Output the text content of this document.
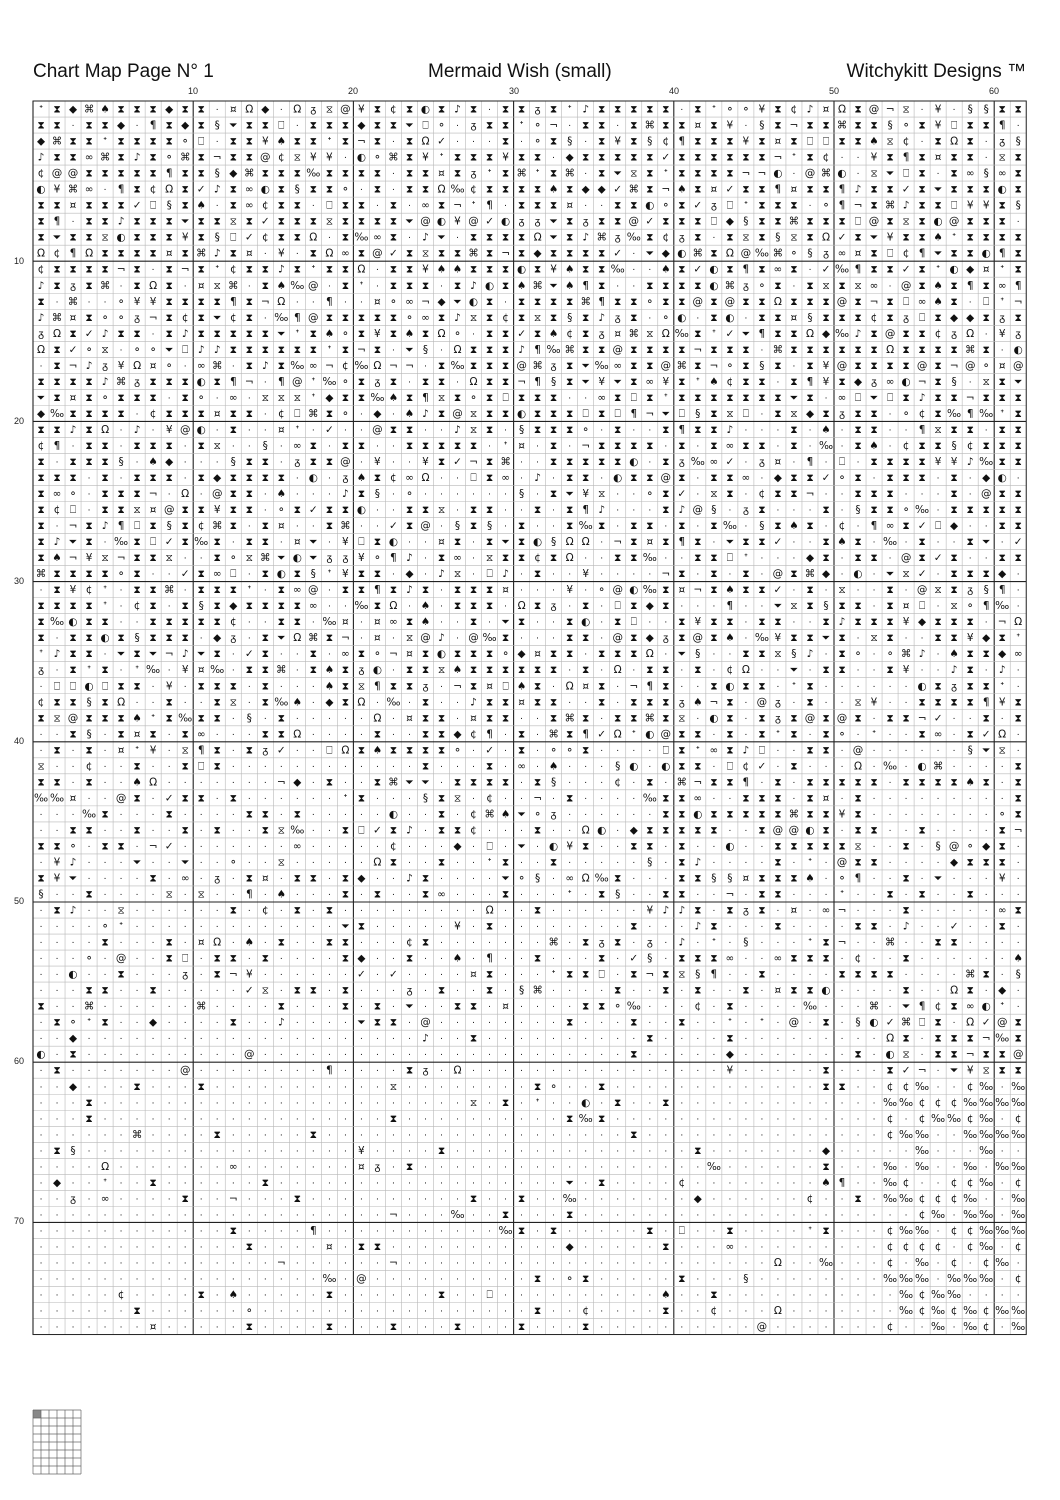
Chart Map Page N° 1	Mermaid Wish (small)	Witchykitt Designs ™
10	20	30	40	50	60
10
20
30
40
50
60
70
ᐩ ⧗ ◆ ⌘ ♠ ⧗ ⧗ ⧗ ◆ ⧗ ⧗ · ¤ Ω ◆ · Ω ᵹ ⧖ @ ¥ ⧗ ¢ ⧗ ◐ ⧗ ♪ ⧗ · ⧗ ⧗ ᵹ ⧗ ᐩ ♪ ⧗ ⧗ ⧗ ⧗ ⧗ · ⧗ ᐩ ⚬ ⚬ ¥ ⧗ ¢ ♪ ¤ Ω ⧗ @ ¬ ⧖ · ¥ · § § ⧗ ⧗
⧗ ⧗ · ⧗ ⧗ ◆ · ¶ ⧗ ◆ ⧗ § ⏷ ⧗ ⧗ ⎕ · ⧗ ⧗ ⧗ ◆ ⧗ ⧗ ⏷ ⎕ ⚬ · ᵹ ⧗ ⧗ ᐩ ⚬ ¬ · ⧗ ⧗ · ⧗ ⌘ ⧗ ⧗ ¤ ⧗ ¥ · § ⧗ ¬ ⧗ ⧗ ⌘ ⧗ ⧗ § ⚬ ⧗ ¥ ⎕ ⧗ ⧗ ¶ ·
◆ ⌘ ⧗ ⧗ ᐩ ⧗ ⧗ ⧗ ⧗ ⚬ ⎕ · ⧗ ⧗ ¥ ♠ ⧗ ⧗ ᐩ ⧗ ¬ ⧗ · ⧗ Ω ✓ · · · ⧗ · ⚬ ⧗ § · ⧗ ¥ ⧗ § ¢ ¶ ⧗ ⧗ ⧗ ¥ ⧗ ¤ ⧗ ⎕ ⎕ ⧗ ⧗ ♠ ⧖ ¢ · ⧗ Ω ⧗ · ᵹ §
♪ ⧗ ⧗ ∞ ⌘ ⧗ ♪ ⧗ ⚬ ⌘ ⧗ ¬ ⧗ ⧗ @ ¢ ⧖ ¥ ¥ · ◐ ⚬ ⌘ ⧗ ¥ ᐩ ⧗ ⧗ ⧗ ¥ ⧗ ⧗ · ◆ ⧗ ⧗ ⧗ ⧗ ⧗ ✓ ⧗ ⧗ ⧗ ⧗ ⧗ ⧗ ¬ ᐩ ⧗ ¢ · · ¥ ⧗ ¶ ⧗ ¤ ⧗ ⧗ · ⧖ ⧗
¢ @ @ ⧗ ⧗ ⧗ ⧗ ⧗ ¶ ⧗ ⧗ § ◆ ⌘ ⧗ ⧗ ⧗ ‰ ⧗ ⧗ ⧗ ⧗ · ⧗ ⧗ ¤ ⧗ ᵹ ᐩ ⧗ ⌘ ᐩ ⧗ ⌘ · ⧗ ⏷ ⧖ ⧗ ᐩ ⧗ ⧗ ⧗ ⧗ ¬ ¬ ◐ · @ ⌘ ◐ · ⧖ ⏷ ⎕ ⧗ · ⧗ ∞ § ∞ ⧗
◐ ¥ ⌘ ∞ · ¶ ⧗ ¢ Ω ⧗ ✓ ♪ ⧗ ∞ ◐ ⧗ § ⧗ ⧗ ⚬ · ⧗ · ⧗ ⧗ Ω ‰ ¢ ⧗ ⧗ ⧗ ⧗ ♠ ⧗ ◆ ◆ ✓ ⌘ ⧗ ¬ ♠ ⧗ ¤ ✓ ⧗ ⧗ ¶ ¤ ⧗ ⧗ ¶ ♪ ⧗ ⧗ ✓ ⧗ ⏷ ⧗ ⧗ ⧗ ◐ ⧗
⧗ ⧗ ¤ ⧗ ⧗ ⧗ ✓ ⎕ § ⧗ ♠ · ⧗ ∞ ¢ ⧗ ⧗ · ⎕ ⧗ ⧗ · ⧗ · ∞ ⧗ ¬ ᐩ ¶ · ⧗ ⧗ ⧗ ¤ · · ⧗ ⧗ ◐ ⚬ ⧗ ✓ ᵹ ⎕ ᐩ ⧗ ⧗ ⧗ · ⚬ ¶ ¬ ⧗ ⌘ ♪ ⧗ ⧗ ⎕ ¥ ¥ ⧗ §
⧗ ¶ · ⧗ ⧗ ♪ ⧗ ⧗ ⧗ ⏷ ⧗ ⧗ ⧖ ⧗ ✓ ⧗ ⧗ ⧗ ⧖ ⧗ ⧗ ⧗ ⧗ ⏷ @ ◐ ¥ @ ✓ ◐ ᵹ ᵹ ⏷ ⧗ ᵹ ⧗ ⧗ @ ✓ ⧗ ⧗ ⧗ ⎕ ◆ § ⧗ ⧗ ⌘ ⧗ ⧗ ⧗ ⎕ @ ⧗ ⧖ ⧗ ◐ @ ⧗ ⧗ ⧗ ·
⧗ ⏷ ⧗ ⧗ ⧖ ◐ ⧗ ⧗ ⧗ ¥ ⧗ § ⎕ ✓ ¢ ⧗ ⧗ Ω · ⧗ ‰ ∞ ⧗ · ♪ ⏷ · ⧗ ⧗ ⧗ ⧗ Ω ⏷ ⧗ ♪ ⌘ ᵹ ‰ ⧗ ¢ ᵹ ⧗ · ⧗ ⧖ ⧗ § ⧖ ⧗ Ω ✓ ⧗ ⏷ ¥ ⧗ ⧗ ♠ ᐩ ⧗ ⧗ ⧗ ⧗
Ω ¢ ¶ Ω ⧗ ⧗ ⧗ ⧗ ¤ ⧗ ⌘ ♪ ⧗ ¤ · ¥ · ⧗ Ω ∞ ⧗ @ ✓ ⧗ ⧖ ⧗ ⧗ ⌘ ⧗ ¬ ⧗ ◆ ⧗ ⧗ ⧗ ⧗ ✓ · ⏷ ◆ ◐ ⌘ ⧗ Ω @ ‰ ⌘ ⚬ § ᵹ ∞ ¤ ⧗ ⎕ ¢ ¶ ⏷ ⧗ ⧗ ◐ ¶ ⧗
¢ ⧗ ⧗ ⧗ ⧗ ¬ ⧗ · ⧗ ¬ ⧗ ᐩ ¢ ⧗ ⧗ ♪ ⧗ ᐩ ⧗ ⧗ Ω · ⧗ ⧗ ¥ ♠ ♠ ⧗ ⧗ ⧗ ◐ ⧗ ¥ ♠ ⧗ ⧗ ‰ · · ♠ ⧗ ✓ ◐ ⧗ ¶ ⧗ ∞ ⧗ · ✓ ‰ ¶ ⧗ ⧗ ✓ ⧗ ᐩ ◐ ◆ ¤ ᐩ ⧗
♪ ⧗ ᵹ ⧗ ⌘ · ⧗ Ω ⧗ · ¤ ⧖ ⌘ · ⧗ ♠ ‰ @ · ⧗ ᐩ · ⧗ ⧗ ⧗ · ⧗ ♪ ◐ ⧗ ♠ ⌘ ⏷ ♠ ¶ ⧗ · · ⧗ ⧗ ⧗ ⧗ ◐ ⌘ ᵹ ⚬ ⧗ · ⧗ ⧖ ⧗ ⧖ ∞ · @ ⧗ ♠ ⧗ ¶ ⧗ ∞ ¶
⧗ · ⌘ · · ⚬ ¥ ¥ ⧗ ⧗ ⧗ ⧗ ¶ ⧗ ¬ Ω · · ¶ · · ¤ ⚬ ∞ ¬ ◆ ⏷ ◐ ⧗ · ⧗ ⧗ ⧗ ⧗ ⌘ ¶ ⧗ ⧗ ⚬ ⧗ ⧗ @ ⧗ @ ⧗ ⧗ Ω ⧗ ⧗ ⧗ @ ⧗ ¬ ⧗ ⎕ ∞ ♠ ⧗ · ⎕ ᐩ ¬
♪ ⌘ ¤ ⧗ ⚬ ⚬ ᵹ ¬ ⧗ ¢ ⧗ ⏷ ¢ ⧗ · ‰ ¶ @ ⧗ ⧗ ⧗ ⧗ ⧗ ⚬ ∞ ⧗ ♪ ⧖ ⧗ ¢ ⧗ ⧖ ⧗ § ⧗ ♪ ᵹ ⧗ · ⚬ ◐ · ⧗ ◐ · ⧗ ⧗ ¤ § ⧗ ⧗ ⧗ ¢ ⧗ ᵹ ⎕ ⧗ ◆ ◆ ⧗ ᵹ ⧗
ᵹ Ω ⧗ ✓ ♪ ⧗ ⧗ · ⧗ ♪ ⧗ ⧗ ⧗ ⧗ ⧗ ⏷ ᐩ ⧗ ♠ ⚬ ⧗ ¥ ⧗ ♠ ⧗ Ω ⚬ · ⧗ ⧗ ✓ ⧗ ♠ ¢ ⧗ ᵹ ¤ ⌘ ⧖ Ω ‰ ⧗ ᐩ ✓ ⏷ ¶ ⧗ ⧗ Ω ◆ ‰ ♪ ⧗ @ ⧗ ⧗ ¢ ᵹ Ω · ¥ ᵹ
Ω ⧗ ✓ ⚬ ⧖ · ⚬ ⚬ ⏷ ⎕ ♪ ♪ ⧗ ⧗ ⧗ ⧗ ⧗ ⧗ ᐩ ⧗ ¬ ⧗ · ⏷ § · Ω ⧗ ⧗ ⧗ ♪ ¶ ‰ ⌘ ⧗ ⧗ @ ⧗ ⧗ ⧗ ⧗ ¬ ⧗ ⧗ ⧗ · ⌘ ⧗ ⧗ ⧗ ⧗ ⧗ ⧗ Ω ⧗ ⧗ ⧗ ⧗ ⌘ ⧗ · ◐
· ⧗ ¬ ♪ ᵹ ¥ Ω ¤ ⚬ · ∞ ⌘ · ⧗ ♪ ⧗ ‰ ∞ ¬ ¢ ‰ Ω ¬ ¬ · ⧗ ‰ ⧗ ⧗ ⧗ @ ⌘ ᵹ ⧗ ⏷ ‰ ∞ ⧗ ⧗ @ ⌘ ⧗ ¬ ⚬ ⧗ § ⧗ · ⧗ ¥ @ ⧗ ⧗ ⧗ ⧗ @ ⧗ ¬ @ ⚬ ¤ @
⧗ ⧗ ⧗ ⧗ ♪ ⌘ ᵹ ⧗ ⧗ ⧗ ◐ ⧗ ¶ ¬ · ¶ @ ᐩ ‰ ⚬ ⧗ ᵹ ⧗ · ⧗ ⧗ · Ω ⧗ ⧗ ¬ ¶ § ⧗ ⏷ ¥ ⏷ ⧗ ∞ ¥ ⧗ ᐩ ♠ ¢ ⧗ ⧗ · ⧗ ¶ ¥ ⧗ ◆ ᵹ ∞ ◐ ¬ ⧗ § · ⧖ ⧗ ⏷
⏷ ⧗ ¤ ⧗ ⚬ ⧗ ⧗ ⧗ · ⧗ ⚬ · ∞ · ⧖ ⧖ ⧖ ᐩ ◆ ⧗ ⧗ ‰ ♠ ⧗ ¶ ⧖ ⧗ ⚬ ⧗ ⎕ ⧗ ⧗ ⧗ · · ∞ ⧗ ⎕ ⧗ ᐩ ⧗ ⧗ ⧗ ⧗ ⧗ ⧗ ⧗ ⏷ ⧗ · ∞ ⎕ ⏷ ⎕ ⧗ ♪ ⧗ ⧗ ¬ ⧗ ⧗ ⧗
◆ ‰ ⧗ ⧗ ⧗ ⧗ · ¢ ⧗ ⧗ ⧗ ¤ ⧗ ⧗ · ¢ ⎕ ⌘ ⧗ ⚬ · ◆ · ♠ ♪ ⧗ @ ⧖ ⧗ ⧗ ◐ ⧗ ⧗ ⧗ ⎕ ⧗ ⎕ ¶ ¬ ⏷ ⎕ § ⧗ ⧖ ⎕ · ⧗ ⧖ ◆ ⧗ ᵹ ⧗ ⧗ · ⚬ ¢ ⧗ ‰ ¶ ‰ ᐩ ⧗
⧗ ⧗ ♪ ⧗ Ω · ♪ · ¥ @ ◐ · ⧗ · · ¤ ᐩ · ✓ · · @ ⧗ ⧗ · · ♪ ⧖ ⧗ · § ⧗ ⧗ ⧗ ⚬ · ⧗ · · ⧗ ¶ ⧗ ⧗ ♪ · · · ⧗ · ♠ · ⧗ ⧗ · · ¶ ⧖ ⧗ ⧗ · ⧗ ⧗
¢ ¶ · ⧗ ⧗ · ⧗ ⧗ ⧗ · ⧗ ⧖ · · § · ∞ ⧗ · ⧗ ⧗ · · ⧗ ⧗ ⧗ ⧗ ⧗ · ᐩ ¤ · ⧗ · ¬ ⧗ ⧗ ⧗ ⧗ · ⧗ · ⧗ ∞ ⧗ ⧗ · ⧗ · ‰ · ⧗ ♠ · ¢ ⧗ ⧗ § ¢ ⧗ ⧗ ⧗
⧗ · ⧗ ⧗ ⧗ § · ♠ ◆ · · · § ⧗ ⧗ · ᵹ ⧗ ⧗ @ · ¥ · · ¥ ⧗ ✓ ¬ ⧗ ⌘ · · ⧗ ⧗ ⧗ ⧗ ⧗ ◐ · ⧗ ᵹ ‰ ∞ ✓ · ᵹ ¤ · ¶ · ⎕ · ⧗ ⧗ ⧗ ⧗ ¥ ¥ ♪ ‰ ⧗ ⧗
⧗ ⧗ ⧗ · ⧗ · ⧗ ⧗ ⧗ · ⧗ ◆ ⧗ ⧗ ⧗ ⧗ · ◐ · ᵹ ♠ ⧗ ¢ ∞ Ω · · ⎕ ⧗ ∞ · ♪ · ⧗ ⧗ · ◐ ⧗ ⧗ @ ⧗ · ⧗ ⧗ ∞ · ◆ ⧗ ⧗ ✓ ⚬ ⧗ · ⧗ ⧗ ⧗ · ⧗ · ◆ ◐ ·
⧗ ∞ ⚬ · ⧗ ⧗ ⧗ ¬ · Ω · @ ⧗ ⧗ · ♠ · · · ♪ ⧗ § · ⚬ · · · · · · § · ⧗ ⏷ ¥ ⧖ · · ⚬ ⧗ ✓ · ⧖ ⧗ · ¢ ⧗ ⧗ ¬ · · ⧗ ⧗ ⧗ · · · ⧗ · @ ⧗ ⧗
⧗ ¢ ⎕ · ⧗ ⧗ ⧖ ¤ @ ⧗ ⧗ ¥ ⧗ ⧗ · ⚬ ⧗ ✓ ⧗ ⧗ ◐ · · ⧗ ⧗ ⧖ · ⧗ ⧗ · · ⧗ · ⧗ ¶ ♪ · · · ⧗ ♪ @ § · ᵹ ⧗ · · · ⧗ · § ⧗ ⧗ ⚬ ‰ · ⧗ ⧗ ⧗ ⧗ ⧗
⧗ · ¬ ⧗ ♪ ¶ ⎕ ⧗ § ⧗ ¢ ⌘ ⧗ · ⧗ ¤ · · ⧗ ⌘ · · ✓ ⧗ @ · § ⧗ § · ⧗ · · ⧗ ‰ ⧗ · ⧗ ⧗ · ⧗ · ⧗ ‰ · § ⧗ ♠ ⧗ · ¢ · ¶ ∞ ⧗ ✓ ⎕ ◆ · · ⧗ ⧗
⧗ ♪ ⏷ ⧗ · ‰ ⧗ ⎕ ✓ ⧗ ‰ ⧗ · ⧗ ⧗ · ¤ ⏷ · ¥ ⎕ ⧗ ◐ · · ¤ ⧗ · ⧗ ⏷ ⧗ ◐ § Ω Ω · ¬ ⧗ ¤ ⧗ ¶ ⧗ · ⏷ ⧗ ⧗ ✓ · · ⧗ ♠ ⧗ · ‰ · ⧗ · · ⧗ ⏷ · ✓
⧗ ♠ ¬ ¥ ⧖ ¬ ⧗ ⧗ ⧖ · · ⧗ ⚬ ⧖ ⌘ ⏷ ◐ ⏷ ᵹ ᵹ ¥ ⚬ ¶ ♪ · ⧗ ∞ · ⧖ ⧗ ⧗ ¢ ⧗ Ω · · ⧗ ⧗ ‰ · · ⧗ ⧗ ⎕ ᐩ · · · ◆ ⧗ · ⧗ ⧗ · @ ⧗ ✓ ⧗ · · ⧗ ⧗
⌘ ⧗ ⧗ ⧗ ⧗ ⚬ ⧗ · · ✓ ⧗ ∞ ⎕ · ⧗ ◐ ⧗ § ᐩ ¥ ⧗ ⧗ · ◆ · ♪ ⧖ · ⎕ ♪ · ⧗ · · ¥ · · · · ¬ ⧗ · ⧗ · ⧗ · @ ⧗ ⌘ ◆ · ◐ · ⏷ ⧖ ✓ · ⧗ ⧗ ⧗ ◆ ·
· ⧗ ¥ ¢ ᐩ · ⧗ ⧗ ⌘ · ⧗ ⧗ ⧗ ᐩ · ⧗ ∞ @ · ⧗ ⧗ ¶ ⧗ ♪ ⧗ · ⧗ ⧗ ⧗ ¤ · · · ¥ · ⚬ @ ◐ ‰ ⧗ ¤ ¬ ⧗ ♠ ⧗ ⧗ ✓ · ⧗ · ⧖ · · ⧗ · @ ⧖ ⧗ ᵹ § ¶ ·
⧗ ⧗ ⧗ ⧗ ᐩ · ¢ ⧗ · ⧗ § ⧗ ◆ ⧗ ⧗ ⧗ ⧗ ∞ · · ‰ ⧗ Ω · ♠ · ⧗ ⧗ ⧗ · Ω ⧗ ᵹ · ⧗ · ⎕ ⧗ ◆ ⧗ · · · ¶ · · ⏷ ⧖ ⧗ § ⧗ ⧗ · ⧗ ¤ ⎕ · ⧖ ⚬ ¶ ‰ ·
⧗ ‰ ◐ ⧗ ⧗ · · ⧗ ⧗ ⧗ ⧗ ⧗ ¢ · · ⧗ ⧗ · ‰ ¤ · ¤ ∞ ⧗ ♠ · · ⧗ · ⏷ ⧗ · · ⧗ ◐ · ⧗ ⎕ · · ⧗ ¥ ⧗ ⧗ · ⧗ ⧗ · · ⧗ ♪ ⧗ ⧗ ⧗ ¥ ◆ ⧗ ⧗ ⧗ · ¬ Ω
⧗ · ⧗ ⧗ ◐ ⧗ § ⧗ ⧗ ⧗ · ◆ ᵹ · ⧗ ⏷ Ω ⌘ ⧗ ¬ · ¤ · ⧖ @ ♪ · @ ‰ ⧗ · · · ⧗ ⧗ · @ ⧗ ◆ ᵹ ⧗ @ ⧗ ♠ · ‰ ¥ ⧗ ⧗ ⏷ ⧗ · ⧖ ⧗ · · ⧗ ⧗ ¥ ◆ ⧗ ᐩ
ᐩ ♪ ⧗ ⧗ · ⏷ ⧗ ⏷ ¬ ♪ ⏷ ⧗ · ✓ ⧗ · · ⧗ · ∞ ⧗ ⚬ ¬ ¤ ⧗ ◐ ⧗ ⧗ ⧗ ⚬ ◆ ¤ ⧗ ⧗ · ⧗ ⧗ ⧗ Ω · ⏷ § · · ⧗ ⧗ ⧖ § ♪ · ⧗ ⚬ · ⚬ ⌘ ♪ · ♠ ⧗ ⧗ ◆ ∞
ᵹ · ⧗ ᐩ ⧗ · ᐩ ‰ · ¥ ¤ ‰ · ⧗ ⧗ ⌘ · ⧗ ♠ ⧗ ᵹ ◐ · ⧗ ⧗ ⧖ ♠ ⧗ ⧗ ⧗ ⧗ ⧗ ⧗ · ⧗ · Ω · ⧗ ⧗ · ⧗ · ¢ Ω · · ⏷ · ⧗ ⧗ · · ⧗ ¥ · · ♪ ⧗ · ♪ ·
· ⎕ ⎕ ◐ ⎕ ⧗ ⧗ · ¥ · ⧗ ⧗ ⧗ · ⧗ · · · ♠ ⧗ ⧖ ¶ ⧗ ⧗ ᵹ · ¬ ⧗ ¤ ⎕ ♠ ⧗ · Ω ¤ ⧗ · ¬ ¶ ⧗ · · ⧗ ◐ ⧗ ⧗ · ᐩ ⧗ · · · · · · ◐ ⧗ ᵹ ⧗ ⧗ ᐩ ·
¢ ⧗ ⧗ § ⧗ Ω · · ⧗ · · ⧗ ⧖ · ⧗ ‰ ♠ · ◆ ⧗ Ω · ‰ · ⧗ · · ♪ ⧗ ⧗ ¤ ⧗ ⧗ · · ⧗ · ⧗ ⧗ ⧗ ᵹ ♠ ¬ ⧗ · @ ᵹ · ⧗ · · ⧖ ¥ · · ⧗ ⧗ ⧗ ⧗ ¶ ¥ ⧗
⧗ ⧖ @ ⧗ ⧗ ⧗ ♠ ᐩ ⧗ ‰ ⧗ ⧗ · § · ⧗ · · · · · Ω · ¤ ⧗ ⧗ · ¤ ⧗ ⧗ · · ⧗ ⌘ ⧗ · ⧗ ⧗ ⌘ ⧗ ⧖ · ◐ ⧗ · ⧗ ᵹ ⧗ @ ⧗ @ ⧗ · ⧗ ⧗ ¬ ✓ · · ⧗ · ⧗
· · ⧗ § · ⧗ ¤ ⧗ · ⧗ ∞ · · · ⧗ ⧗ Ω · · · · ⧗ · · ⧗ ⧗ ◆ ¢ ¶ · ⧗ · ⌘ ⧗ ¶ ✓ Ω ᐩ ◐ @ ⧗ ⧗ · ⧗ · ⧗ ᐩ ⧗ · ⧗ ⚬ · ᐩ · · ⧗ ∞ · ⧗ ✓ Ω ·
· ⧗ · ⧗ · ¤ ᐩ ¥ · ⧖ ¶ ⧗ · ⧗ ᵹ ✓ · · ⎕ Ω ⧗ ♠ ⧗ ⧗ ⧗ ⧗ ⚬ · ✓ · ⧗ · ⚬ ⚬ ⧗ · · · · ⎕ ⧗ ᐩ ∞ ⧗ ♪ ⎕ · · ⧗ ⧗ · @ · · · · · · § ⏷ ⧖ ·
⧖ · · ¢ · · ⧗ · · ⧗ ⎕ ⧗ · · · · · · · · · · · · ⧗ · · · ⧗ · ∞ · ♠ · · · § ◐ · ◐ ⧗ ⧗ · ⎕ ¢ ✓ · ⧗ · · · Ω · ‰ · ◐ ⌘ · · · · ⧗
⧗ ⧗ · ⧗ · · ♠ Ω · · · · · · · ¬ ◆ · ⧗ · · ⧗ ⌘ ⏷ ⏷ · ⧗ ⧗ ⧗ ⧗ · ⧗ § · · · ¢ · ⧗ · ⌘ ¬ ⧗ ⧗ ¶ · ⧗ · ⧗ ⧗ ⧗ ⧗ ⧗ · ⧗ ⧗ ⧗ ⧗ ♠ ⧗ · ⧗
‰ ‰ ¤ · · @ ⧗ · ✓ ⧗ ⧗ · ⧗ · · · · · · ᐩ ⧗ · · · § ⧗ ⧖ · ¢ · · ¬ · ⧗ · · · · ‰ ⧗ ⧗ ∞ · · ⧗ ⧗ ⧗ · ⧗ ¤ · ⧗ · · · · · · · · · ⧗
· · · ‰ ⧗ · · · ⧗ · · · · ⧗ ⧗ · ⧗ · · · · · ◐ · · ⧗ · ¢ ⌘ ♠ ⏷ ⚬ ᵹ · · · · · · ⧗ ⧗ ◐ ⧗ ⧗ ⧗ ⧗ ⧗ ⌘ ⧗ ⧗ ¥ ⧗ · · · · · · · · ⚬ ⧗
· · ⧗ ⧗ · · ⧗ · · ⧗ · ⧗ · · ⧗ ⧖ ‰ · · ⧗ ⎕ ✓ ⧗ ♪ · ⧗ ⧗ ¢ · · · ⧗ · · Ω ◐ · ◆ ⧗ ⧗ ⧗ ⧗ ⧗ · · ⧗ @ @ ◐ ⧗ · ⧗ ⧗ · · ⧗ · · · · ⧗ ¬
⧗ ⧗ ⚬ · ⧗ ⧗ · ¬ ✓ · · · · · · · ∞ · · · · · ¢ · · · ◆ · ⎕ · ⏷ · ◐ ¥ ⧗ · · ⧗ ⧗ · ⧗ · · ◐ · · ⧗ ⧗ ⧗ ⧗ ⧗ ⧖ · · ⧗ · § @ ⚬ ◆ ⧗ ·
· ¥ ♪ · · · ⏷ · · ⏷ · · ⚬ · · ⧖ · · · · · Ω ⧗ · · ⧗ · · ᐩ ⧗ · · ⧗ · · · · · § · ⧗ ♪ · · · · ⧗ · ᐩ · @ ⧗ ⧗ · · · · ◆ ⧗ ⧗ ⧗ ·
⧗ ¥ ⏷ · · · · ⧗ · ∞ · ᵹ · ⧗ ¤ · ⧗ ⧗ · ⧗ ◆ · · ♪ ⧗ · · · · ⏷ ⚬ § · ∞ Ω ‰ ⧗ · · · ⧗ ⧗ § § ¤ ⧗ ⧗ ⧗ ♠ · ⚬ ¶ · · ⧗ · ⏷ · · · ¥ ·
§ · · ⧗ · · · · ⧖ · ⧖ · · ¶ · ♠ · · · ⧗ · ⧗ · · ⧗ ∞ · · · ⧗ · · · ᐩ · ⧗ § · · ⧗ ⧗ · · ¬ · ⧗ ⧗ · · · ᐩ · · ⧗ · ⧗ · · ⧗ · · ·
· ⧗ ♪ · · ⧖ · · · · · · ⧗ · ¢ · ⧗ · ⧗ · · · · · · · · · Ω · · ⧗ · · · · · · ¥ ♪ ♪ ⧗ · ⧗ ᵹ ⧗ · ¤ · ∞ ¬ · · · ⧗ · · · · · ∞ ⧗
· · · · ⚬ ᐩ · · · · · · · · · · · · · ⏷ ⧗ · · · · · ¥ · ⧗ · · · · · · · · ⧗ · · · ♪ ⧗ · · · ⧗ · · · · ⧗ ⧗ · ♪ · · ✓ · · ⧗ ·
· · · · ⧗ · · · ⧗ · ¤ Ω · ♠ · ⧗ · · ⧗ ⧗ · · · ¢ ⧗ · · · · · · · ⌘ · ⧗ ᵹ ⧗ · ᵹ · ♪ · ᐩ · § · · · ᐩ ⧗ ¬ · · ⌘ · · ⧗ ⧗ · · · ·
· · · ⚬ · @ · · ⧗ ⎕ · ⧗ ⧗ · ⧗ · · · · ⧗ ◆ · · ⧗ · · ♠ · ¶ · · ⧗ · · · ⧗ · ✓ § · ⧗ ⧗ ⧗ ∞ · · ∞ ⧗ ⧗ ⧗ · ¢ · · ⧗ · · · · · · ♠
· · ◐ · · ⧗ · · · ᵹ · ⧗ ¬ ¥ · · · · · · ✓ · ✓ · · · · ¤ ⧗ · · · ᐩ ⧗ ⧗ ⎕ · ⧗ ¬ ⧗ ⧖ § ¶ · · ⧗ · · · · ⧗ ⧗ ⧗ ⧗ · · · · ⌘ ⧗ · §
· · · ⧗ ⧗ · · ⧗ · · · · · ✓ ⧖ · ⧗ ⧗ · ⧗ · · · ᵹ · ⧗ · · ⧗ · § ⌘ · · · · ⧗ · · ⧗ · ⧗ · · ⧗ · ¤ ⧗ ⧗ ◐ · · · · ⧗ · · Ω ⧗ · ◆ ·
⧗ · · ⌘ · · · · · · ⌘ · · · · ⧗ · · · ⧗ · ⧗ · ⏷ · · ⧗ ⧗ · ¤ · · · · ⧗ ⧗ ⚬ ‰ · · · ¢ · ⧗ · · · · ‰ · · · ⌘ · ⏷ ¶ ¢ ⧗ ∞ ◐ ᐩ ·
· ⧗ ⚬ ᐩ ⧗ · · ◆ · · · · ⧗ · · ♪ · · · · ⏷ ⧗ ⧗ · @ · · · · · · · · ⧗ · · · ⧗ · · ⧗ · · ᐩ · ᐩ · @ · ⧗ · § ◐ ✓ ⌘ ⎕ ⧗ · Ω ✓ @ ⧗
· · ◆ · · · · · · · · · · · · · · · · · · · · · ♪ · · ⧗ · · · · · · · · · · ⧗ · · · · ⧗ · · · · · · · · · Ω ⧗ · ⧗ ⧗ ⧗ ¬ ‰ ⧗
◐ · ⧗ · · · · · · · · · · @ · · · · · · · · · · · · · · · · · · · · · · · ⧗ · · · · · ◆ · · · · · · · ⧗ · ◐ ⧖ · ⧗ ⧗ ¬ ⧗ ⧗ @
· ⧗ · · · · · · · @ · · · · · · · · ¶ · · · · ⧗ ᵹ · Ω · · · · · · · · · · · · · · · · ¥ · · · · · ⧗ · · · ⧗ ✓ ¬ · ⏷ ¥ ⧖ ⧗ ⧗
· · ◆ · · · ⧗ · · · ⧗ · · · · · · · · · · · ⧖ · · · · · · · · ⧗ ⚬ · · ⧗ · · · · · · · · · · · · · ⧗ ⧗ · · ¢ ¢ ‰ · · ¢ ‰ · ‰
· · · ⧗ · · · · · · · · · · · · · · · · · · · · · · · ⧖ · ⧗ · ᐩ · · ◐ · ⧗ · · ⧗ · · · · · · · · · · · · · ‰ ‰ ¢ ¢ ¢ ‰ ‰ ‰ ‰
· · · ⧗ · · · · · · · · · · · · · · · · · · ⧗ · · · · · · · · · · ⧗ ‰ ⧗ · · · · · · · · · · · · · · · · · ¢ · ¢ ‰ ‰ ¢ ‰ · ¢
· · · · · · ⌘ · · · · ⧗ · · · · · ⧗ · · · · · · · · · · · · · · · · · · · ⧗ · · · · · · · · · · · · · · · ¢ ‰ ‰ · · ‰ ‰ ‰ ‰
· ⧗ § · · · · · · · · · · · · · · · · · ¥ · · · · ⧗ · · · · · · · · · · · · · · · ⧗ · · · · · · · ◆ · · · · · ‰ · · · ‰ · ·
· · · · Ω · · · · · · · ∞ · · · · · · · ¤ ᵹ · ⧗ · · · · · · · · · · · · · · · · · · ‰ · · · · · · ⧗ · · · ‰ · ‰ · · ‰ · ‰ ‰
· ◆ · · ᐩ · · ⧗ · · · · · · ⧗ · · · · · · · · · · · · · · · · · · ⏷ · ⧗ · · · · ¢ · · · · · · · · ♠ ¶ · · ‰ ¢ · · ¢ ¢ ‰ · ¢
· · ᵹ · ∞ · · · · ⧗ · · ¬ · · · ⧗ · · · · · · · · · · ⧗ · · ⧗ · · ‰ · · · · · · · ◆ · · · · · · ¢ · · ⧗ · ‰ ‰ ¢ ¢ ¢ ‰ · · ‰
· · · · · · · · · · · · · · · · · · · · · · ¬ · · · ‰ · · ⧗ · · · ⧗ · · · · · · · · · · · · · · · · · · · · · ¢ ‰ · ‰ ‰ · ‰
· · · · · · · · · · · · ⧗ · · · · ¶ · · · · · · · · · · · ‰ ⧗ · ⧗ · · · · · ⧗ · ⎕ · · ⧗ · · · · ᐩ ⧗ · · · ¢ ‰ ‰ · ¢ ¢ ‰ ‰ ‰
· · · · · · · · · · · · · ⧗ · · · · ¤ · ⧗ ⧗ · · · · · · · · · · · ◆ · · · · · ⧗ · · · ∞ · · · · · · · · · ¢ ¢ ¢ ¢ · ¢ ‰ · ¢
· · · · · · · · · · · · · · · ¬ · · · · · · ¬ · · · · · · · · · · · · · · · · · · · · · · · Ω · · ‰ · · · ¢ · ‰ · ¢ · ¢ ‰ ·
· · · · · · · · · · · · · · · · · · ‰ · @ · · · · · · · · · · ⧗ · ⚬ ⧗ · · · · · ⧗ · · · § · · · · · · · · ‰ ‰ ‰ · ‰ ‰ ‰ · ¢
· · · · · ¢ · · · · ⧗ · ♠ · · · · · ⧗ · · · · · · ⧗ · · ⎕ · · · · · · · · · · ♠ · · ⧗ · · · · · · · · · · · ‰ ¢ ‰ ‰ · · · ·
· · · · · · ⧗ · · · · · · ⚬ · · · · · · · · · · · · · · · · · ⧗ · · ¢ · · · · ⧗ · · ¢ · · · Ω · · · · · · · ‰ ¢ ‰ ¢ ‰ ¢ ‰ ‰
· · · · · · · ¤ · · · · · ⧗ · · · · ⧗ · · · ⧗ · · · ⧗ · · · ⧗ · · · ⧗ · · · · · · · · · · @ · · · · · · · ¢ · · ‰ · ‰ ¢ · ‰
